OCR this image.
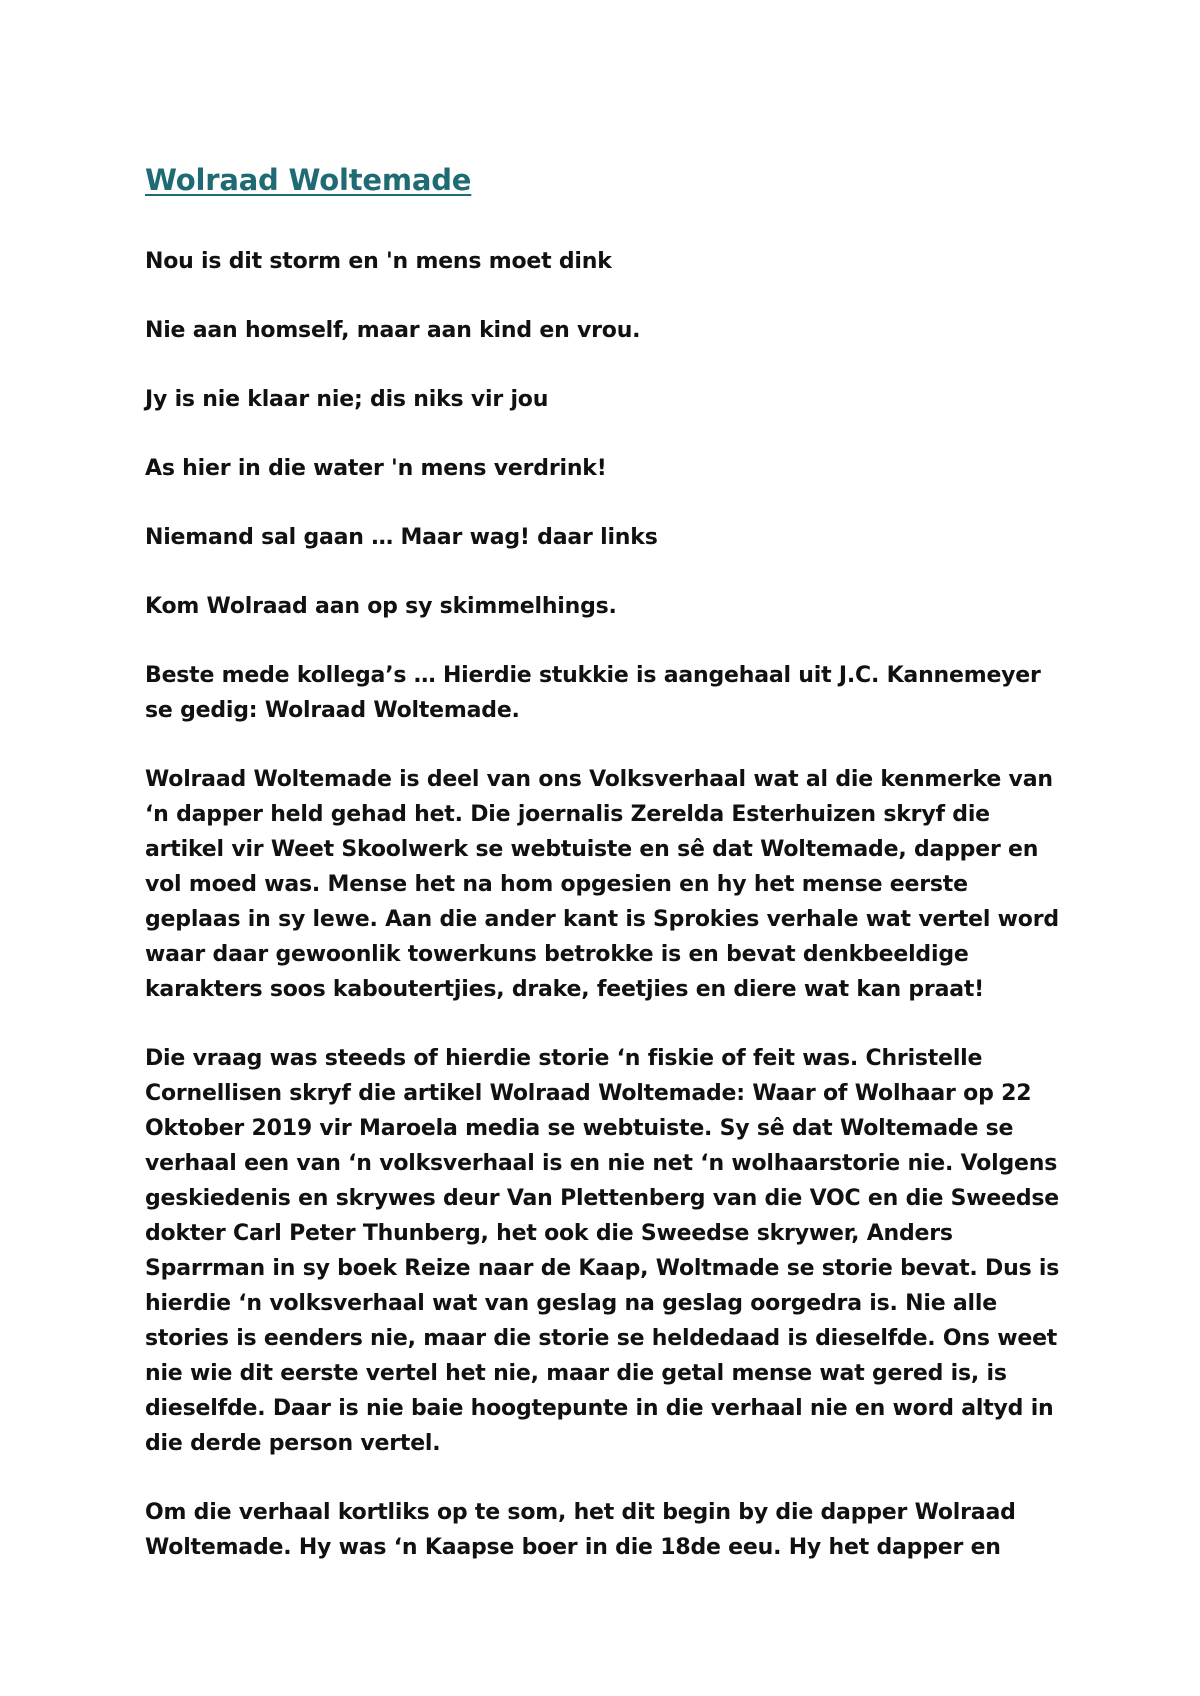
Wolraad Woltemade
Nou is dit storm en 'n mens moet dink
Nie aan homself, maar aan kind en vrou.
Jy is nie klaar nie; dis niks vir jou
As hier in die water 'n mens verdrink!
Niemand sal gaan … Maar wag! daar links
Kom Wolraad aan op sy skimmelhings.
Beste mede kollega’s … Hierdie stukkie is aangehaal uit J.C. Kannemeyer se gedig: Wolraad Woltemade.
Wolraad Woltemade is deel van ons Volksverhaal wat al die kenmerke van ‘n dapper held gehad het. Die joernalis Zerelda Esterhuizen skryf die artikel vir Weet Skoolwerk se webtuiste en sê dat Woltemade, dapper en vol moed was. Mense het na hom opgesien en hy het mense eerste geplaas in sy lewe. Aan die ander kant is Sprokies verhale wat vertel word waar daar gewoonlik towerkuns betrokke is en bevat denkbeeldige karakters soos kaboutertjies, drake, feetjies en diere wat kan praat!
Die vraag was steeds of hierdie storie ‘n fiskie of feit was. Christelle Cornellisen skryf die artikel Wolraad Woltemade: Waar of Wolhaar op 22 Oktober 2019 vir Maroela media se webtuiste. Sy sê dat Woltemade se verhaal een van ‘n volksverhaal is en nie net ‘n wolhaarstorie nie. Volgens geskiedenis en skrywes deur Van Plettenberg van die VOC en die Sweedse dokter Carl Peter Thunberg, het ook die Sweedse skrywer, Anders Sparrman in sy boek Reize naar de Kaap, Woltmade se storie bevat. Dus is hierdie ‘n volksverhaal wat van geslag na geslag oorgedra is. Nie alle stories is eenders nie, maar die storie se heldedaad is dieselfde. Ons weet nie wie dit eerste vertel het nie, maar die getal mense wat gered is, is dieselfde. Daar is nie baie hoogtepunte in die verhaal nie en word altyd in die derde person vertel.
Om die verhaal kortliks op te som, het dit begin by die dapper Wolraad Woltemade. Hy was ‘n Kaapse boer in die 18de eeu. Hy het dapper en
